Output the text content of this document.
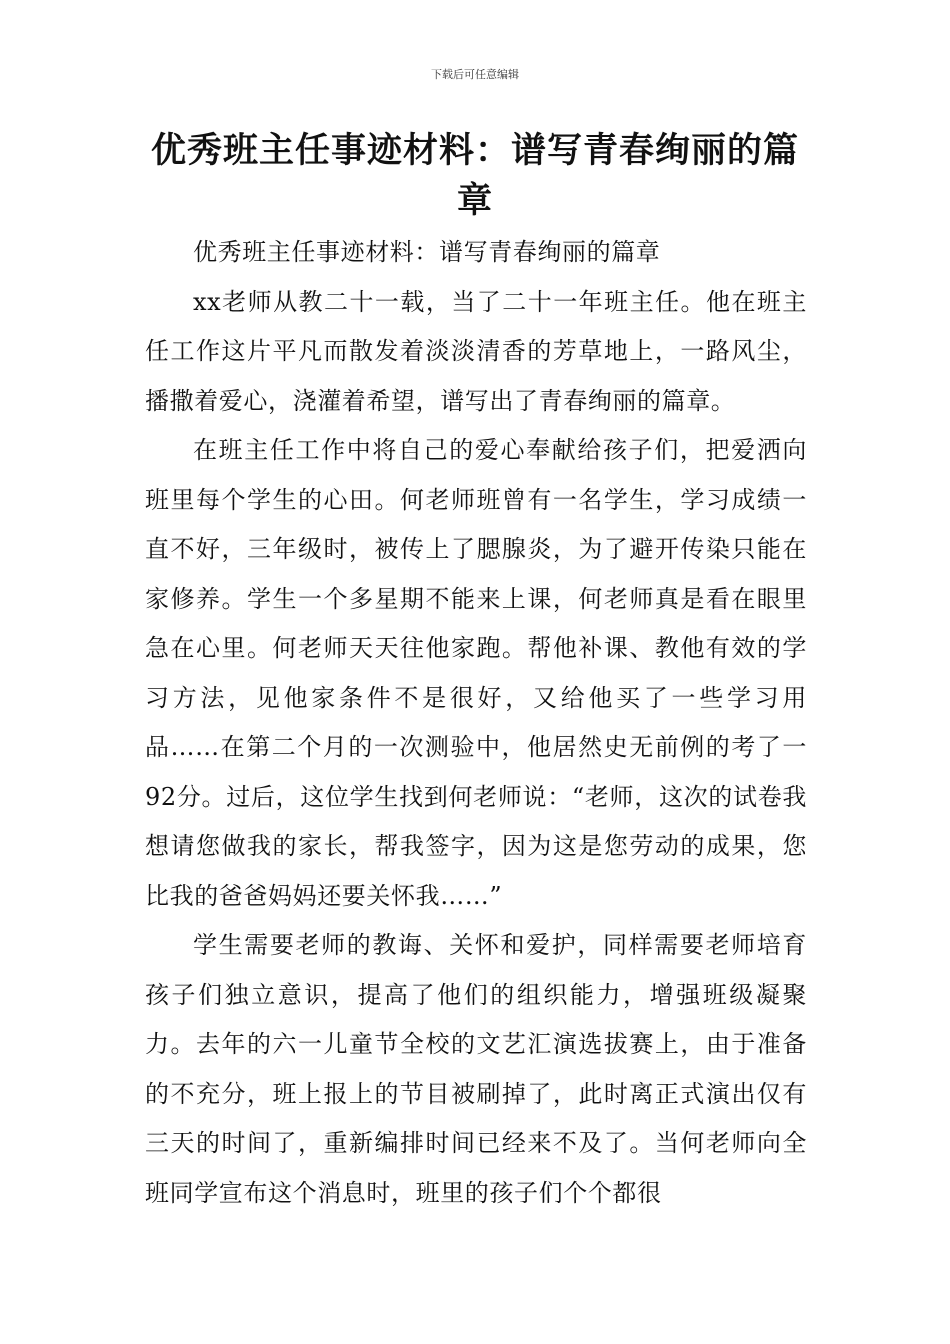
下载后可任意编辑
优秀班主任事迹材料：谱写青春绚丽的篇章

优秀班主任事迹材料：谱写青春绚丽的篇章

xx老师从教二十一载，当了二十一年班主任。他在班主任工作这片平凡而散发着淡淡清香的芳草地上，一路风尘，播撒着爱心，浇灌着希望，谱写出了青春绚丽的篇章。

在班主任工作中将自己的爱心奉献给孩子们，把爱洒向班里每个学生的心田。何老师班曾有一名学生，学习成绩一直不好，三年级时，被传上了腮腺炎，为了避开传染只能在家修养。学生一个多星期不能来上课，何老师真是看在眼里急在心里。何老师天天往他家跑。帮他补课、教他有效的学习方法，见他家条件不是很好，又给他买了一些学习用品……在第二个月的一次测验中，他居然史无前例的考了一92分。过后，这位学生找到何老师说：“老师，这次的试卷我想请您做我的家长，帮我签字，因为这是您劳动的成果，您比我的爸爸妈妈还要关怀我……”

学生需要老师的教诲、关怀和爱护，同样需要老师培育孩子们独立意识，提高了他们的组织能力，增强班级凝聚力。去年的六一儿童节全校的文艺汇演选拔赛上，由于准备的不充分，班上报上的节目被刷掉了，此时离正式演出仅有三天的时间了，重新编排时间已经来不及了。当何老师向全班同学宣布这个消息时，班里的孩子们个个都很
